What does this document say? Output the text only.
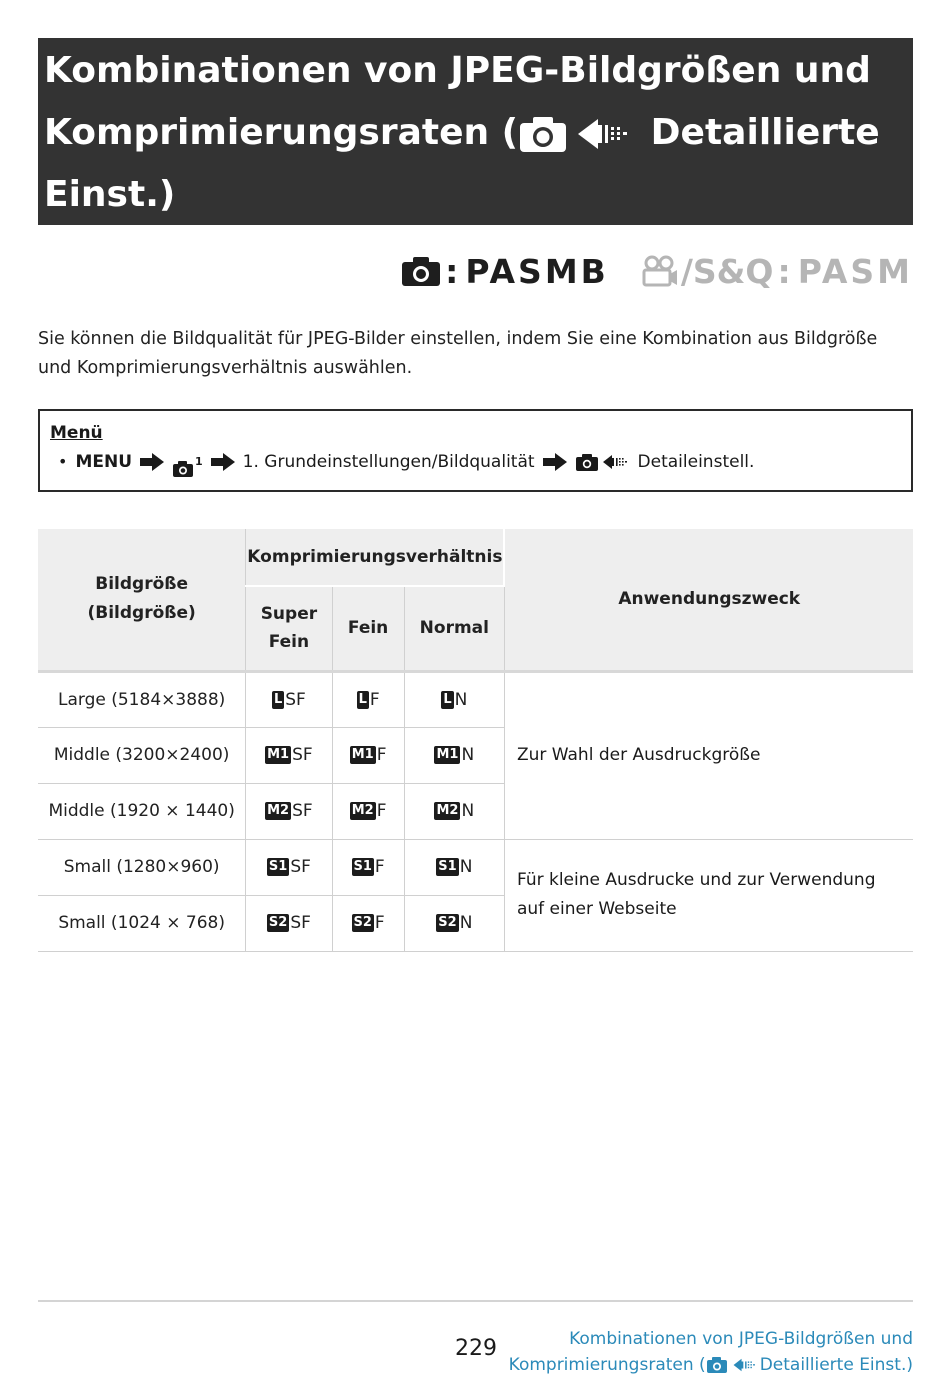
Kombinationen von JPEG-Bildgrößen und
Komprimierungsraten (	Detaillierte
Einst.)
: PASMB /S&Q : PASM
Sie können die Bildqualität für JPEG-Bilder einstellen, indem Sie eine Kombination aus Bildgröße und Komprimierungsverhältnis auswählen.
Menü
• MENU	1 1. Grundeinstellungen/Bildqualität	Detaileinstell.
Bildgröße
(Bildgröße)	Komprimierungsverhältnis			Anwendungszweck

	Super
Fein	Fein	Normal	
Large (5184×3888)	L SF	L F	L N	Zur Wahl der Ausdruckgröße
Middle (3200×2400)	M1 SF	M1 F	M1 N	
Middle (1920 × 1440)	M2 SF	M2 F	M2 N	
Small (1280×960)	S1 SF	S1 F	S1 N	Für kleine Ausdrucke und zur Verwendung auf einer Webseite
Small (1024 × 768)	S2 SF	S2 F	S2 N	
229	Kombinationen von JPEG-Bildgrößen und
Komprimierungsraten (	Detaillierte Einst.)
